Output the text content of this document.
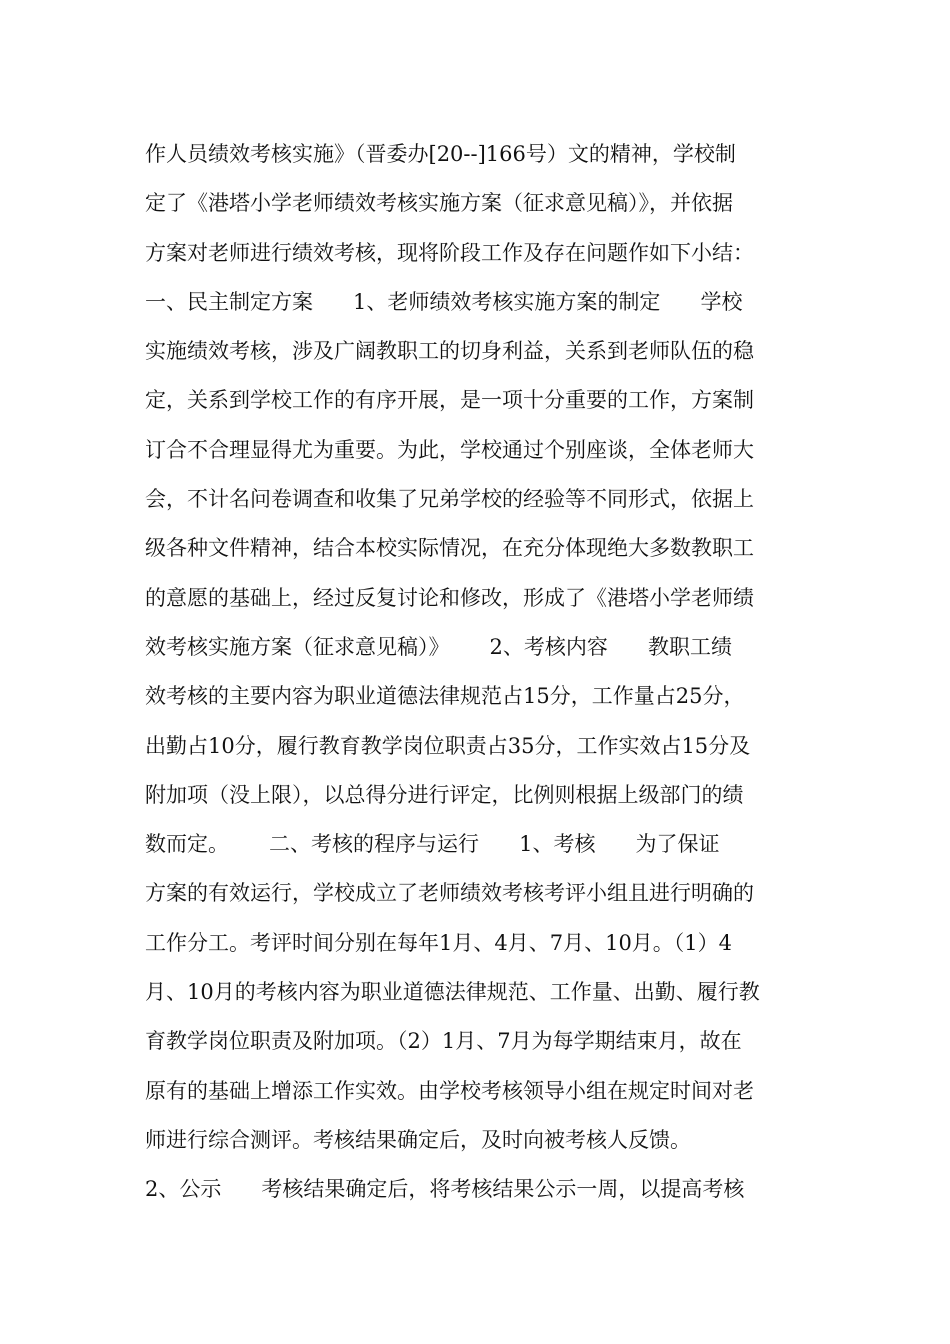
作人员绩效考核实施》（晋委办[20--]166号）文的精神，学校制
定了《港塔小学老师绩效考核实施方案（征求意见稿）》，并依据
方案对老师进行绩效考核，现将阶段工作及存在问题作如下小结：
一、民主制定方案      1、老师绩效考核实施方案的制定      学校
实施绩效考核，涉及广阔教职工的切身利益，关系到老师队伍的稳
定，关系到学校工作的有序开展，是一项十分重要的工作，方案制
订合不合理显得尤为重要。为此，学校通过个别座谈，全体老师大
会，不计名问卷调查和收集了兄弟学校的经验等不同形式，依据上
级各种文件精神，结合本校实际情况，在充分体现绝大多数教职工
的意愿的基础上，经过反复讨论和修改，形成了《港塔小学老师绩
效考核实施方案（征求意见稿）》      2、考核内容      教职工绩
效考核的主要内容为职业道德法律规范占15分，工作量占25分，
出勤占10分，履行教育教学岗位职责占35分，工作实效占15分及
附加项（没上限），以总得分进行评定，比例则根据上级部门的绩
数而定。      二、考核的程序与运行      1、考核      为了保证
方案的有效运行，学校成立了老师绩效考核考评小组且进行明确的
工作分工。考评时间分别在每年1月、4月、7月、10月。（1）4
月、10月的考核内容为职业道德法律规范、工作量、出勤、履行教
育教学岗位职责及附加项。（2）1月、7月为每学期结束月，故在
原有的基础上增添工作实效。由学校考核领导小组在规定时间对老
师进行综合测评。考核结果确定后，及时向被考核人反馈。
2、公示      考核结果确定后，将考核结果公示一周，以提高考核
